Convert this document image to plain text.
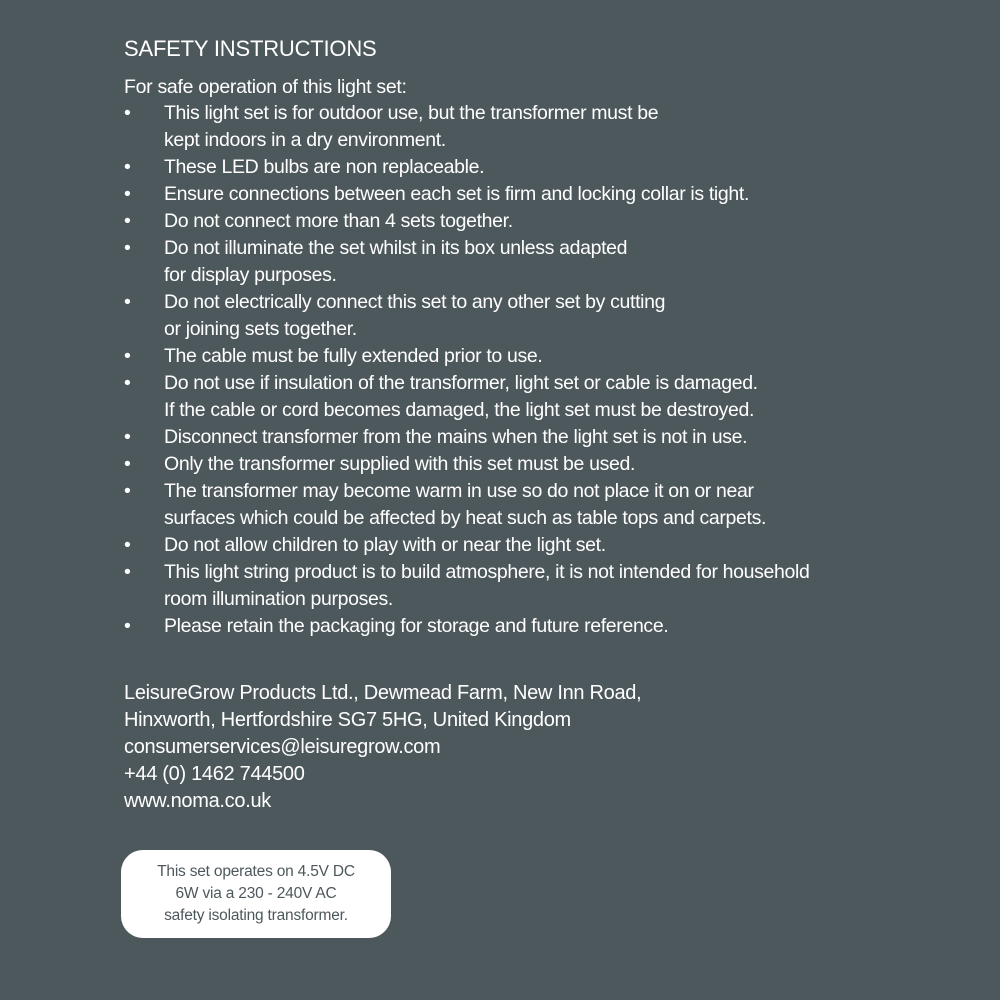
SAFETY INSTRUCTIONS
For safe operation of this light set:
• This light set is for outdoor use, but the transformer must be
kept indoors in a dry environment.
• These LED bulbs are non replaceable.
• Ensure connections between each set is firm and locking collar is tight.
• Do not connect more than 4 sets together.
• Do not illuminate the set whilst in its box unless adapted
for display purposes.
• Do not electrically connect this set to any other set by cutting
or joining sets together.
• The cable must be fully extended prior to use.
• Do not use if insulation of the transformer, light set or cable is damaged.
If the cable or cord becomes damaged, the light set must be destroyed.
• Disconnect transformer from the mains when the light set is not in use.
• Only the transformer supplied with this set must be used.
• The transformer may become warm in use so do not place it on or near
surfaces which could be affected by heat such as table tops and carpets.
• Do not allow children to play with or near the light set.
• This light string product is to build atmosphere, it is not intended for household
room illumination purposes.
• Please retain the packaging for storage and future reference.
LeisureGrow Products Ltd., Dewmead Farm, New Inn Road,
Hinxworth, Hertfordshire SG7 5HG, United Kingdom
consumerservices@leisuregrow.com
+44 (0) 1462 744500
www.noma.co.uk
This set operates on 4.5V DC
6W via a 230 - 240V AC
safety isolating transformer.
